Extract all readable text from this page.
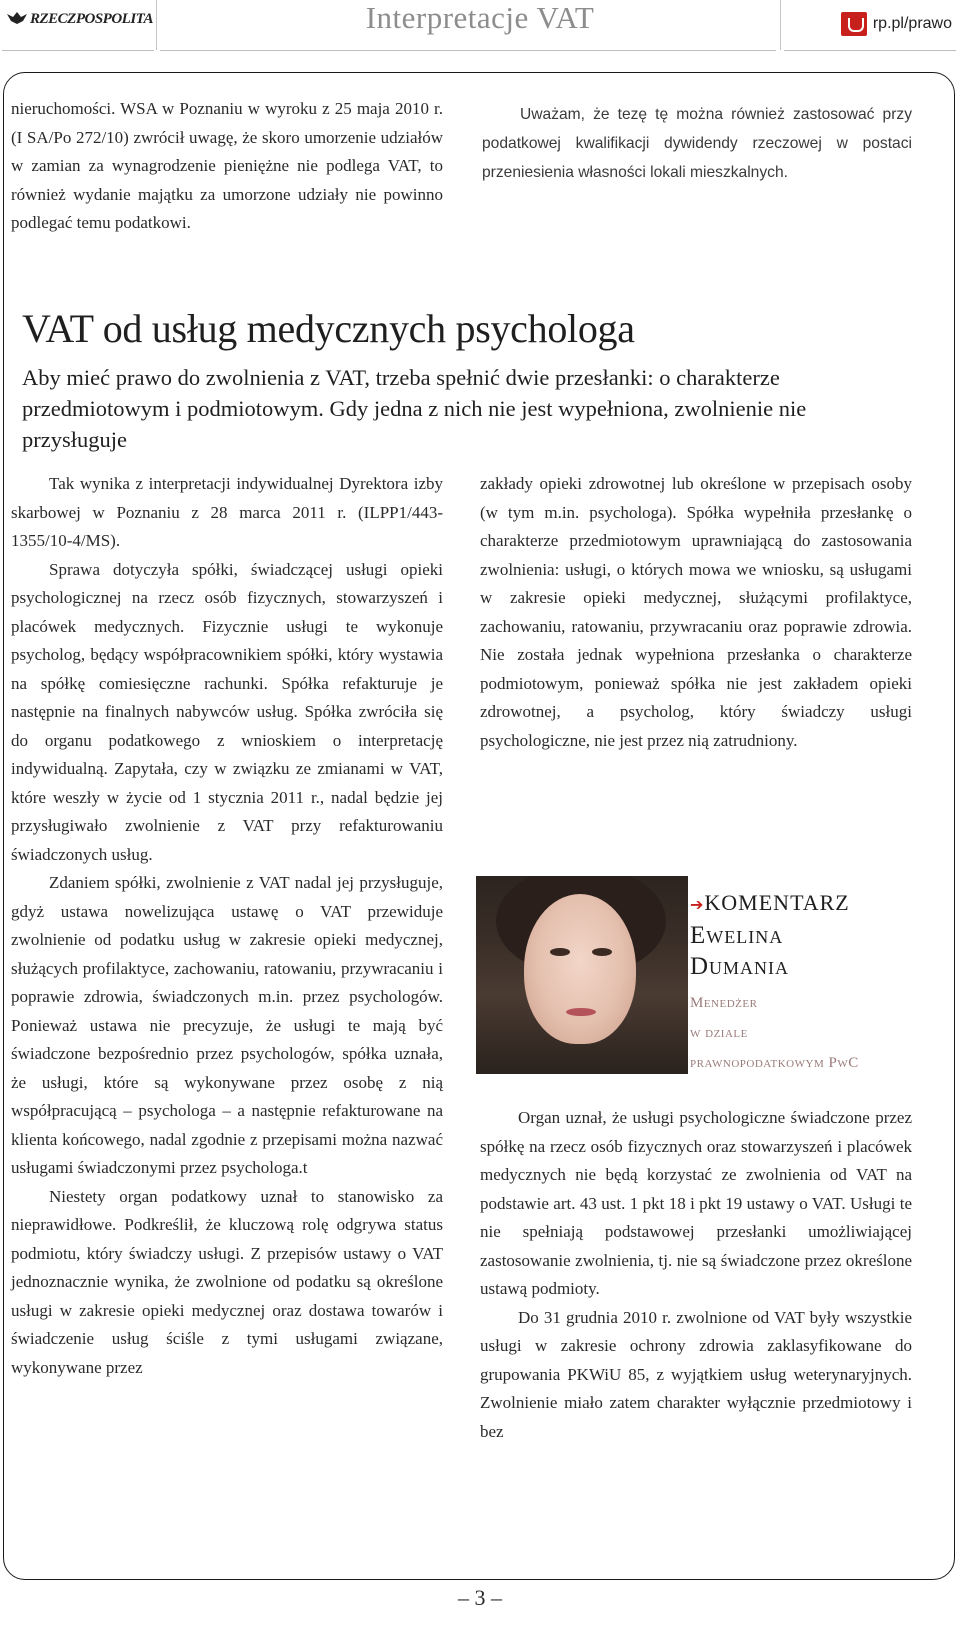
RZECZPOSPOLITA	Interpretacje VAT	rp.pl/prawo

nieruchomości. WSA w Poznaniu w wyroku z 25 maja 2010 r. (I SA/Po 272/10) zwrócił uwagę, że skoro umorzenie udziałów w zamian za wynagrodzenie pieniężne nie podlega VAT, to również wydanie majątku za umorzone udziały nie powinno podlegać temu podatkowi.

Uważam, że tezę tę można również zastosować przy podatkowej kwalifikacji dywidendy rzeczowej w postaci przeniesienia własności lokali mieszkalnych.

VAT od usług medycznych psychologa
Aby mieć prawo do zwolnienia z VAT, trzeba spełnić dwie przesłanki: o charakterze przedmiotowym i podmiotowym. Gdy jedna z nich nie jest wypełniona, zwolnienie nie przysługuje

Tak wynika z interpretacji indywidualnej Dyrektora izby skarbowej w Poznaniu z 28 marca 2011 r. (ILPP1/443-1355/10-4/MS).

Sprawa dotyczyła spółki, świadczącej usługi opieki psychologicznej na rzecz osób fizycznych, stowarzyszeń i placówek medycznych. Fizycznie usługi te wykonuje psycholog, będący współpracownikiem spółki, który wystawia na spółkę comiesięczne rachunki. Spółka refakturuje je następnie na finalnych nabywców usług. Spółka zwróciła się do organu podatkowego z wnioskiem o interpretację indywidualną. Zapytała, czy w związku ze zmianami w VAT, które weszły w życie od 1 stycznia 2011 r., nadal będzie jej przysługiwało zwolnienie z VAT przy refakturowaniu świadczonych usług.

Zdaniem spółki, zwolnienie z VAT nadal jej przysługuje, gdyż ustawa nowelizująca ustawę o VAT przewiduje zwolnienie od podatku usług w zakresie opieki medycznej, służących profilaktyce, zachowaniu, ratowaniu, przywracaniu i poprawie zdrowia, świadczonych m.in. przez psychologów. Ponieważ ustawa nie precyzuje, że usługi te mają być świadczone bezpośrednio przez psychologów, spółka uznała, że usługi, które są wykonywane przez osobę z nią współpracującą – psychologa – a następnie refakturowane na klienta końcowego, nadal zgodnie z przepisami można nazwać usługami świadczonymi przez psychologa.t

Niestety organ podatkowy uznał to stanowisko za nieprawidłowe. Podkreślił, że kluczową rolę odgrywa status podmiotu, który świadczy usługi. Z przepisów ustawy o VAT jednoznacznie wynika, że zwolnione od podatku są określone usługi w zakresie opieki medycznej oraz dostawa towarów i świadczenie usług ściśle z tymi usługami związane, wykonywane przez

zakłady opieki zdrowotnej lub określone w przepisach osoby (w tym m.in. psychologa). Spółka wypełniła przesłankę o charakterze przedmiotowym uprawniającą do zastosowania zwolnienia: usługi, o których mowa we wniosku, są usługami w zakresie opieki medycznej, służącymi profilaktyce, zachowaniu, ratowaniu, przywracaniu oraz poprawie zdrowia. Nie została jednak wypełniona przesłanka o charakterze podmiotowym, ponieważ spółka nie jest zakładem opieki zdrowotnej, a psycholog, który świadczy usługi psychologiczne, nie jest przez nią zatrudniony.

➔KOMENTARZ
Ewelina
Dumania
Menedżer
w dziale
prawnopodatkowym PwC

Organ uznał, że usługi psychologiczne świadczone przez spółkę na rzecz osób fizycznych oraz stowarzyszeń i placówek medycznych nie będą korzystać ze zwolnienia od VAT na podstawie art. 43 ust. 1 pkt 18 i pkt 19 ustawy o VAT. Usługi te nie spełniają podstawowej przesłanki umożliwiającej zastosowanie zwolnienia, tj. nie są świadczone przez określone ustawą podmioty.

Do 31 grudnia 2010 r. zwolnione od VAT były wszystkie usługi w zakresie ochrony zdrowia zaklasyfikowane do grupowania PKWiU 85, z wyjątkiem usług weterynaryjnych. Zwolnienie miało zatem charakter wyłącznie przedmiotowy i bez

– 3 –
